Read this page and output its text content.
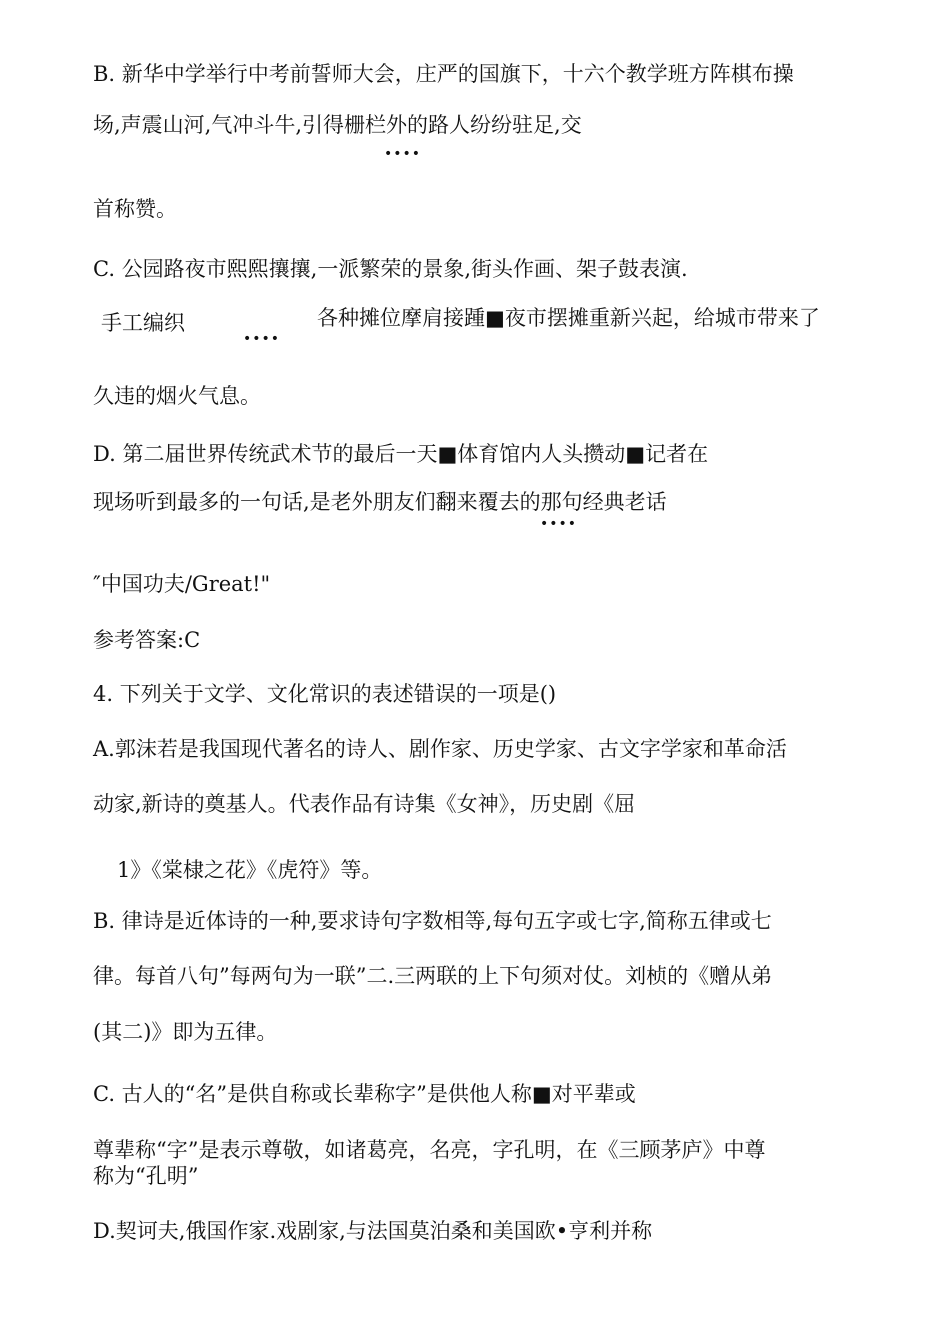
B. 新华中学举行中考前誓师大会，庄严的国旗下，十六个教学班方阵棋布操

场,声震山河,气冲斗牛,引得栅栏外的路人纷纷驻足,交

••••

首称赞。

C. 公园路夜市熙熙攘攘,一派繁荣的景象,街头作画、架子鼓表演.

手工编织

••••

各种摊位摩肩接踵■夜市摆摊重新兴起，给城市带来了

久违的烟火气息。

D. 第二届世界传统武术节的最后一天■体育馆内人头攒动■记者在

现场听到最多的一句话,是老外朋友们翻来覆去的那句经典老话

••••

″中国功夫/Great!"

参考答案:C

4. 下列关于文学、文化常识的表述错误的一项是()

A.郭沫若是我国现代著名的诗人、剧作家、历史学家、古文字学家和革命活

动家,新诗的奠基人。代表作品有诗集《女神》，历史剧《屈

1》《棠棣之花》《虎符》等。

B. 律诗是近体诗的一种,要求诗句字数相等,每句五字或七字,简称五律或七

律。每首八句”每两句为一联”二.三两联的上下句须对仗。刘桢的《赠从弟

(其二)》即为五律。

C. 古人的“名”是供自称或长辈称字”是供他人称■对平辈或

尊辈称“字”是表示尊敬，如诸葛亮，名亮，字孔明，在《三顾茅庐》中尊

称为“孔明”

D.契诃夫,俄国作家.戏剧家,与法国莫泊桑和美国欧•亨利并称
